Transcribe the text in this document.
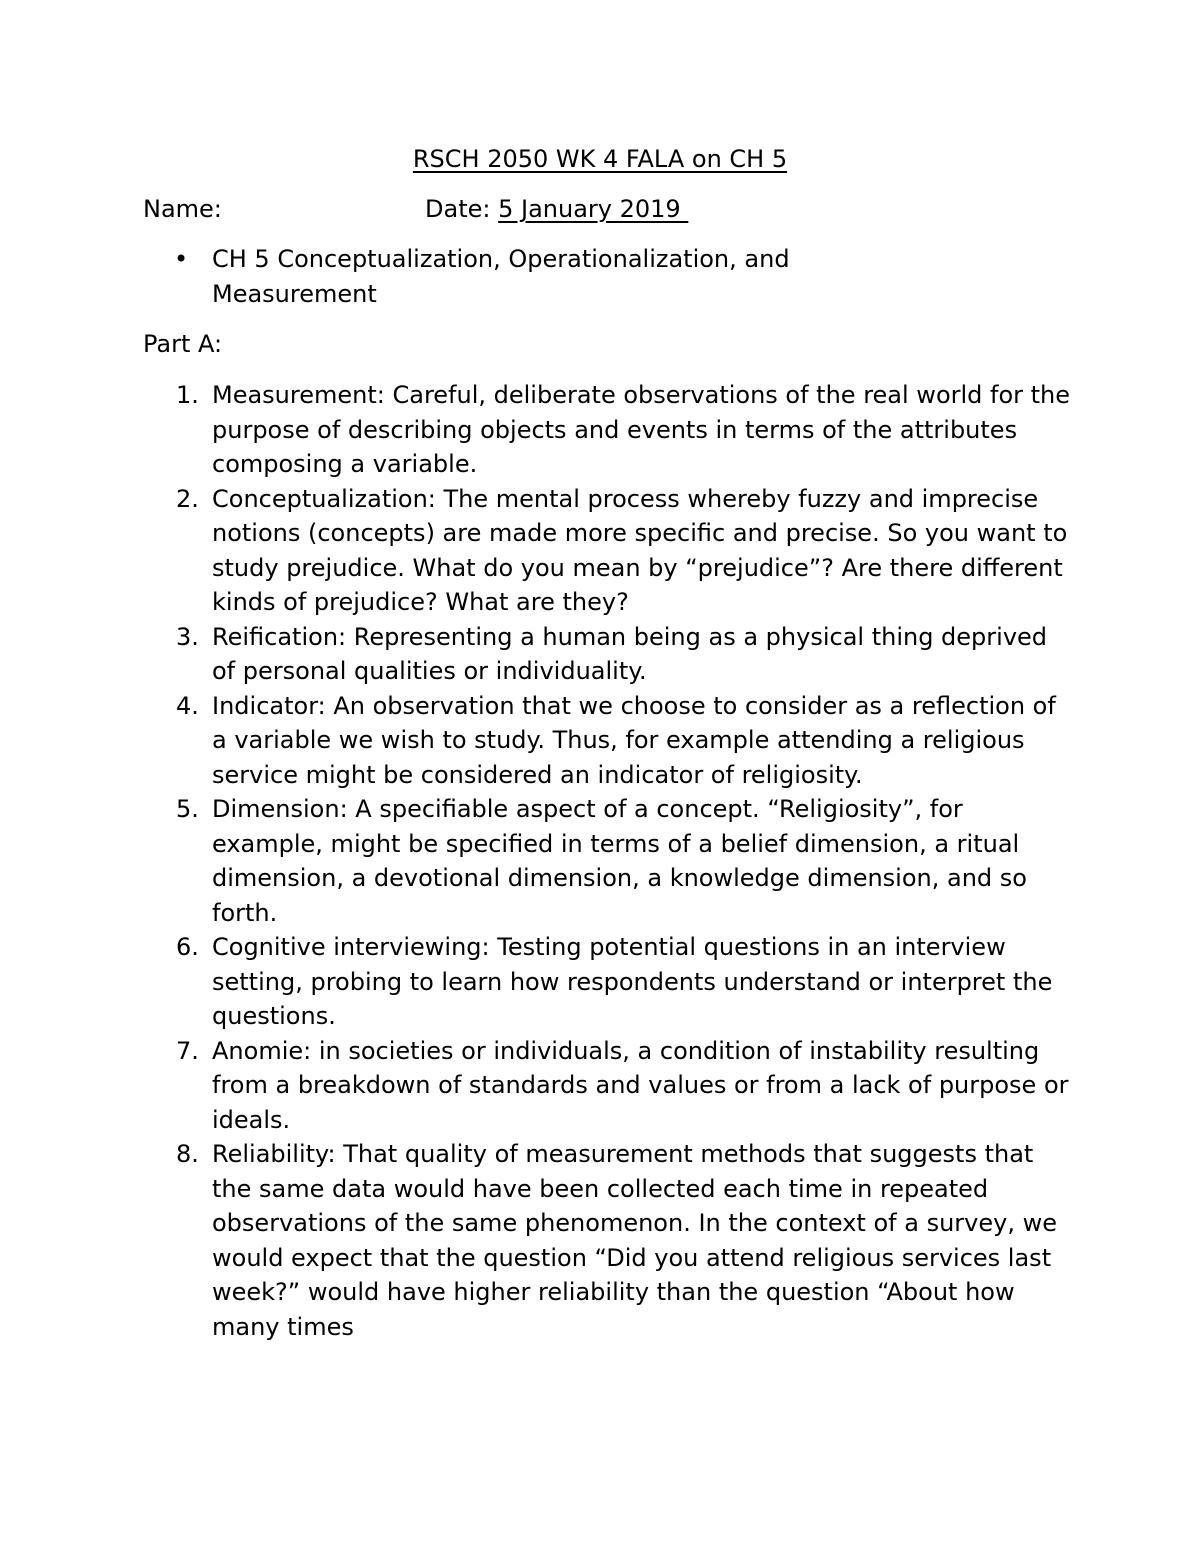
RSCH 2050 WK 4 FALA on CH 5
Name:	Date: 5 January 2019
• CH 5 Conceptualization, Operationalization, and Measurement
Part A:
1. Measurement: Careful, deliberate observations of the real world for the purpose of describing objects and events in terms of the attributes composing a variable.
2. Conceptualization: The mental process whereby fuzzy and imprecise notions (concepts) are made more specific and precise. So you want to study prejudice. What do you mean by “prejudice”? Are there different kinds of prejudice? What are they?
3. Reification: Representing a human being as a physical thing deprived of personal qualities or individuality.
4. Indicator: An observation that we choose to consider as a reflection of a variable we wish to study. Thus, for example attending a religious service might be considered an indicator of religiosity.
5. Dimension: A specifiable aspect of a concept. “Religiosity”, for example, might be specified in terms of a belief dimension, a ritual dimension, a devotional dimension, a knowledge dimension, and so forth.
6. Cognitive interviewing: Testing potential questions in an interview setting, probing to learn how respondents understand or interpret the questions.
7. Anomie: in societies or individuals, a condition of instability resulting from a breakdown of standards and values or from a lack of purpose or ideals.
8. Reliability: That quality of measurement methods that suggests that the same data would have been collected each time in repeated observations of the same phenomenon. In the context of a survey, we would expect that the question “Did you attend religious services last week?” would have higher reliability than the question “About how many times
